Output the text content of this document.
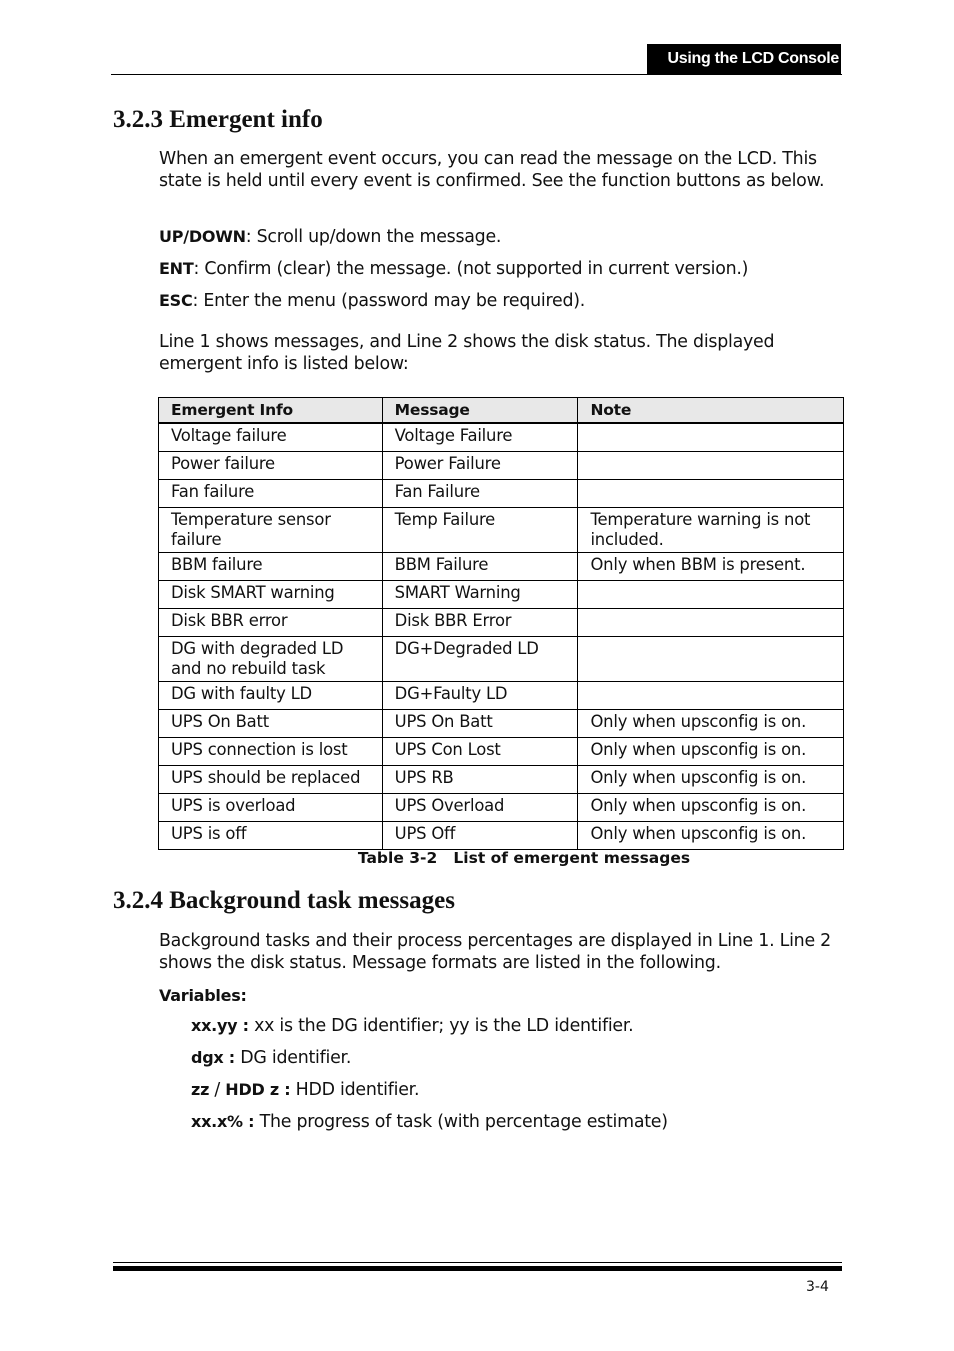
Using the LCD Console
3.2.3 Emergent info

When an emergent event occurs, you can read the message on the LCD. This state is held until every event is confirmed. See the function buttons as below.

UP/DOWN: Scroll up/down the message.

ENT: Confirm (clear) the message. (not supported in current version.)

ESC: Enter the menu (password may be required).

Line 1 shows messages, and Line 2 shows the disk status. The displayed emergent info is listed below:

Emergent Info	Message	Note

Voltage failure	Voltage Failure	
Power failure	Power Failure	
Fan failure	Fan Failure	
Temperature sensor failure	Temp Failure	Temperature warning is not included.
BBM failure	BBM Failure	Only when BBM is present.
Disk SMART warning	SMART Warning	
Disk BBR error	Disk BBR Error	
DG with degraded LD and no rebuild task	DG+Degraded LD	
DG with faulty LD	DG+Faulty LD	
UPS On Batt	UPS On Batt	Only when upsconfig is on.
UPS connection is lost	UPS Con Lost	Only when upsconfig is on.
UPS should be replaced	UPS RB	Only when upsconfig is on.
UPS is overload	UPS Overload	Only when upsconfig is on.
UPS is off	UPS Off	Only when upsconfig is on.
Table 3-2   List of emergent messages
3.2.4 Background task messages

Background tasks and their process percentages are displayed in Line 1. Line 2 shows the disk status. Message formats are listed in the following.

Variables:

xx.yy : xx is the DG identifier; yy is the LD identifier.
dgx : DG identifier.
zz / HDD z : HDD identifier.
xx.x% : The progress of task (with percentage estimate)
3-4
